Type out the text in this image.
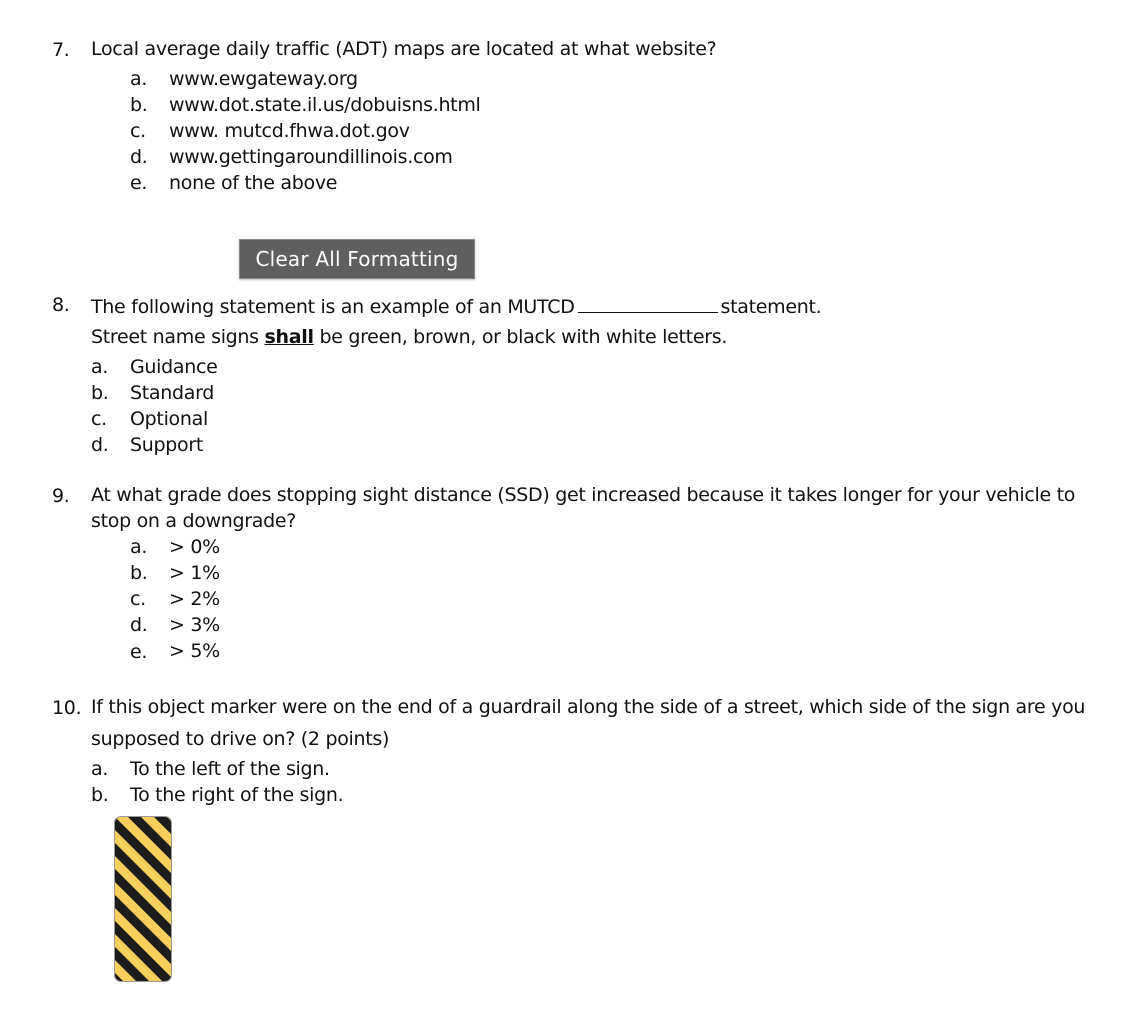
7. Local average daily traffic (ADT) maps are located at what website?
a. www.ewgateway.org
b. www.dot.state.il.us/dobuisns.html
c. www. mutcd.fhwa.dot.gov
d. www.gettingaroundillinois.com
e. none of the above
Clear All Formatting
8. The following statement is an example of an MUTCD	statement.
Street name signs shall be green, brown, or black with white letters.
a. Guidance
b. Standard
c. Optional
d. Support
9. At what grade does stopping sight distance (SSD) get increased because it takes longer for your vehicle to
stop on a downgrade?
a. > 0%
b. > 1%
c. > 2%
d. > 3%
e. > 5%
10. If this object marker were on the end of a guardrail along the side of a street, which side of the sign are you
supposed to drive on? (2 points)
a. To the left of the sign.
b. To the right of the sign.
